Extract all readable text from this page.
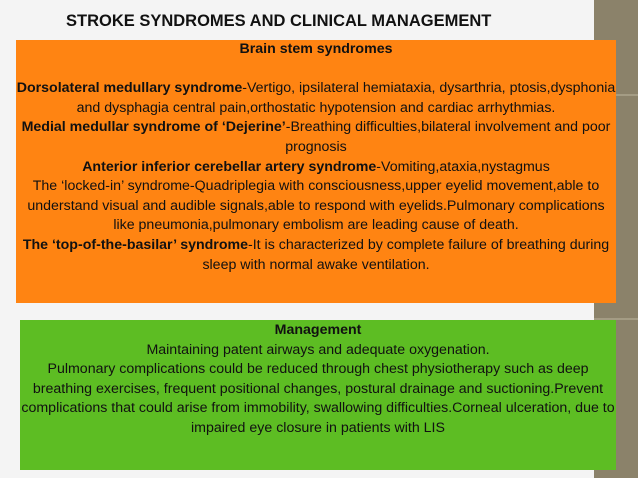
STROKE SYNDROMES AND CLINICAL MANAGEMENT

Brain stem syndromes

Dorsolateral medullary syndrome-Vertigo, ipsilateral hemiataxia, dysarthria, ptosis,dysphonia and dysphagia central pain,orthostatic hypotension and cardiac arrhythmias.

Medial medullar syndrome of ‘Dejerine’-Breathing difficulties,bilateral involvement and poor prognosis

Anterior inferior cerebellar artery syndrome-Vomiting,ataxia,nystagmus

The ‘locked-in’ syndrome-Quadriplegia with consciousness,upper eyelid movement,able to understand visual and audible signals,able to respond with eyelids.Pulmonary complications like pneumonia,pulmonary embolism are leading cause of death.

The ‘top-of-the-basilar’ syndrome-It is characterized by complete failure of breathing during sleep with normal awake ventilation.

Management

Maintaining patent airways and adequate oxygenation.

Pulmonary complications could be reduced through chest physiotherapy such as deep breathing exercises, frequent positional changes, postural drainage and suctioning.Prevent complications that could arise from immobility, swallowing difficulties.Corneal ulceration, due to impaired eye closure in patients with LIS
